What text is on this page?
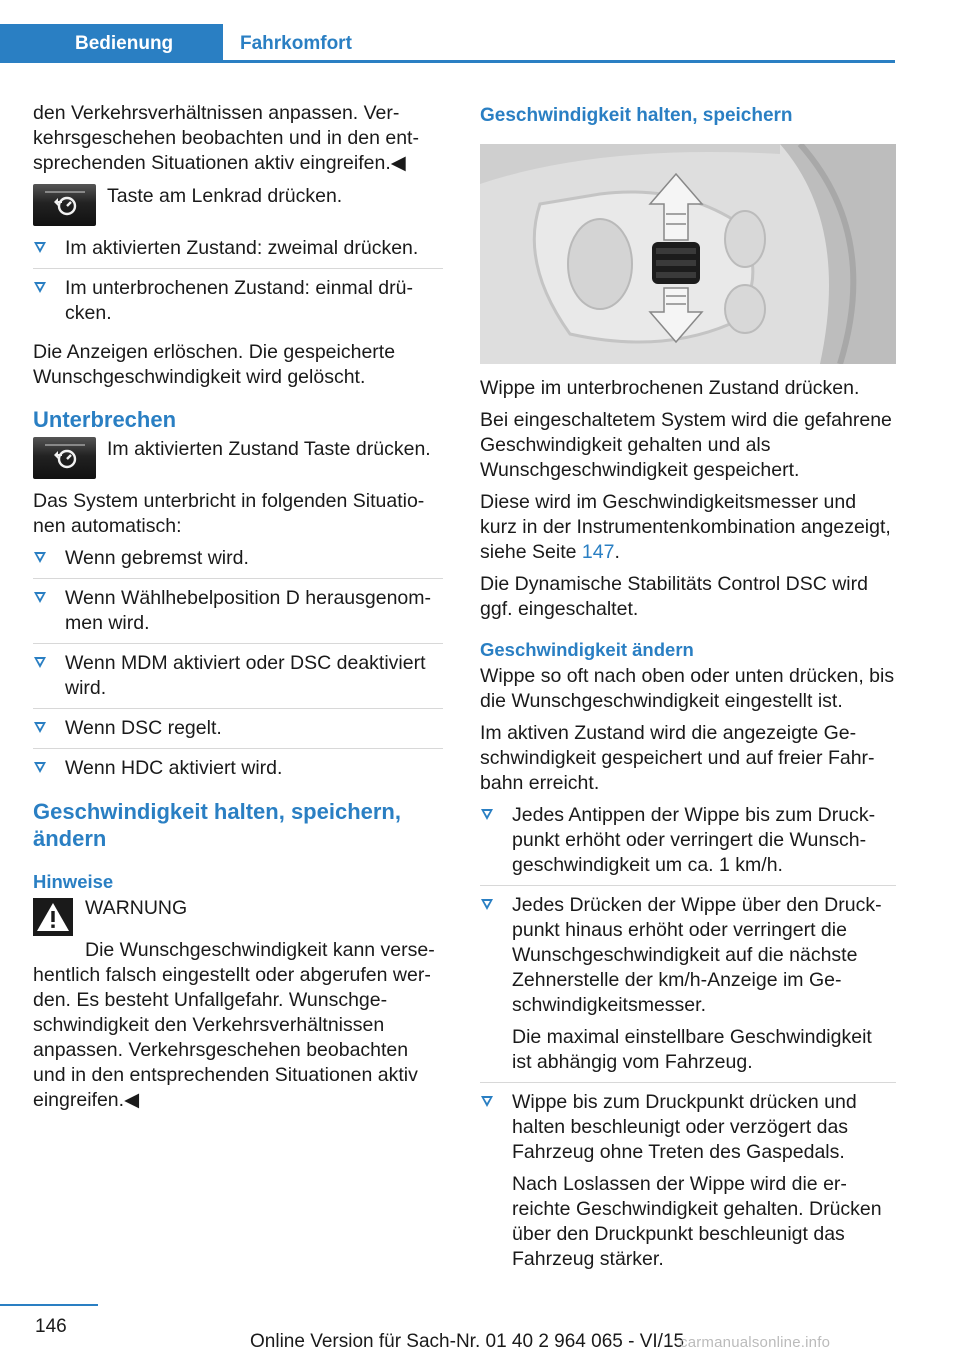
Bedienung	Fahrkomfort

den Verkehrsverhältnissen anpassen. Verkehrsgeschehen beobachten und in den entsprechenden Situationen aktiv eingreifen.◀

Taste am Lenkrad drücken.
Im aktivierten Zustand: zweimal drücken.
Im unterbrochenen Zustand: einmal drücken.

Die Anzeigen erlöschen. Die gespeicherte Wunschgeschwindigkeit wird gelöscht.

Unterbrechen
Im aktivierten Zustand Taste drücken.

Das System unterbricht in folgenden Situationen automatisch:

Wenn gebremst wird.
Wenn Wählhebelposition D herausgenommen wird.
Wenn MDM aktiviert oder DSC deaktiviert wird.
Wenn DSC regelt.
Wenn HDC aktiviert wird.
Geschwindigkeit halten, speichern, ändern
Hinweise
WARNUNG

Die Wunschgeschwindigkeit kann versehentlich falsch eingestellt oder abgerufen werden. Es besteht Unfallgefahr. Wunschgeschwindigkeit den Verkehrsverhältnissen anpassen. Verkehrsgeschehen beobachten und in den entsprechenden Situationen aktiv eingreifen.◀

Geschwindigkeit halten, speichern

Wippe im unterbrochenen Zustand drücken.

Bei eingeschaltetem System wird die gefahrene Geschwindigkeit gehalten und als Wunschgeschwindigkeit gespeichert.

Diese wird im Geschwindigkeitsmesser und kurz in der Instrumentenkombination angezeigt, siehe Seite 147.

Die Dynamische Stabilitäts Control DSC wird ggf. eingeschaltet.

Geschwindigkeit ändern

Wippe so oft nach oben oder unten drücken, bis die Wunschgeschwindigkeit eingestellt ist.

Im aktiven Zustand wird die angezeigte Geschwindigkeit gespeichert und auf freier Fahrbahn erreicht.

Jedes Antippen der Wippe bis zum Druckpunkt erhöht oder verringert die Wunschgeschwindigkeit um ca. 1 km/h.
Jedes Drücken der Wippe über den Druckpunkt hinaus erhöht oder verringert die Wunschgeschwindigkeit auf die nächste Zehnerstelle der km/h-Anzeige im Geschwindigkeitsmesser.
Die maximal einstellbare Geschwindigkeit ist abhängig vom Fahrzeug.
Wippe bis zum Druckpunkt drücken und halten beschleunigt oder verzögert das Fahrzeug ohne Treten des Gaspedals.
Nach Loslassen der Wippe wird die erreichte Geschwindigkeit gehalten. Drücken über den Druckpunkt beschleunigt das Fahrzeug stärker.
146
Online Version für Sach-Nr. 01 40 2 964 065 - VI/15
carmanualsonline.info
